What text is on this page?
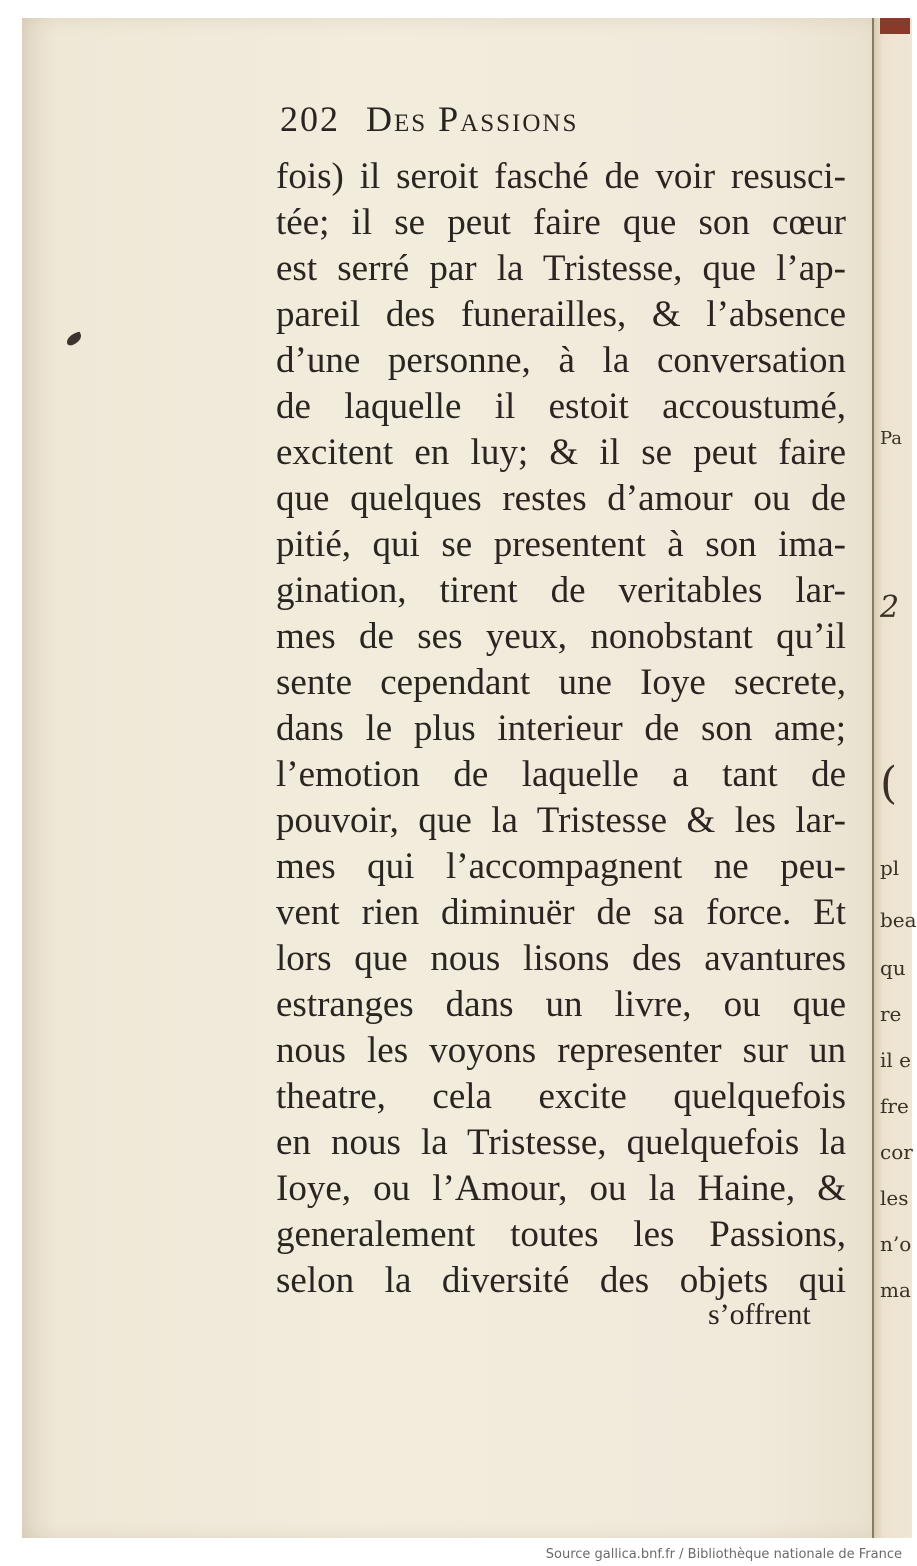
Pa
2
(
pl
bea
qu
re
il e
fre
cor
les
n’o
ma
202 Des Passions
fois) il seroit fasché de voir resusci-
tée; il se peut faire que son cœur
est serré par la Tristesse, que l’ap-
pareil des funerailles, & l’absence
d’une personne, à la conversation
de laquelle il estoit accoustumé,
excitent en luy; & il se peut faire
que quelques restes d’amour ou de
pitié, qui se presentent à son ima-
gination, tirent de veritables lar-
mes de ses yeux, nonobstant qu’il
sente cependant une Ioye secrete,
dans le plus interieur de son ame;
l’emotion de laquelle a tant de
pouvoir, que la Tristesse & les lar-
mes qui l’accompagnent ne peu-
vent rien diminuër de sa force. Et
lors que nous lisons des avantures
estranges dans un livre, ou que
nous les voyons representer sur un
theatre, cela excite quelquefois
en nous la Tristesse, quelquefois la
Ioye, ou l’Amour, ou la Haine, &
generalement toutes les Passions,
selon la diversité des objets qui
s’offrent
Source gallica.bnf.fr / Bibliothèque nationale de France
